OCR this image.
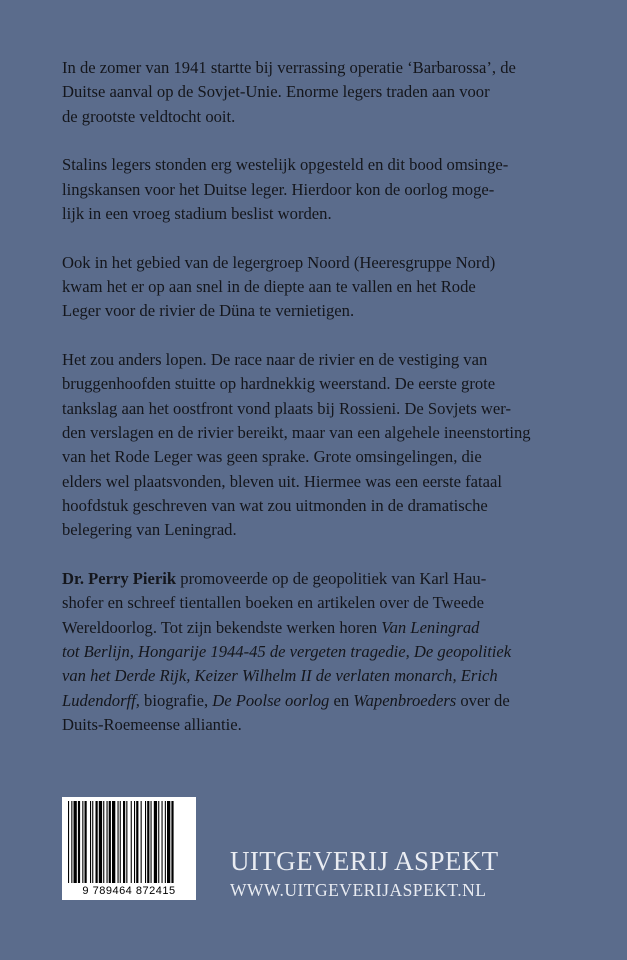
In de zomer van 1941 startte bij verrassing operatie ‘Barbarossa’, de
Duitse aanval op de Sovjet-Unie. Enorme legers traden aan voor
de grootste veldtocht ooit.

Stalins legers stonden erg westelijk opgesteld en dit bood omsinge-
lingskansen voor het Duitse leger. Hierdoor kon de oorlog moge-
lijk in een vroeg stadium beslist worden.

Ook in het gebied van de legergroep Noord (Heeresgruppe Nord)
kwam het er op aan snel in de diepte aan te vallen en het Rode
Leger voor de rivier de Düna te vernietigen.

Het zou anders lopen. De race naar de rivier en de vestiging van
bruggenhoofden stuitte op hardnekkig weerstand. De eerste grote
tankslag aan het oostfront vond plaats bij Rossieni. De Sovjets wer-
den verslagen en de rivier bereikt, maar van een algehele ineenstorting
van het Rode Leger was geen sprake. Grote omsingelingen, die
elders wel plaatsvonden, bleven uit. Hiermee was een eerste fataal
hoofdstuk geschreven van wat zou uitmonden in de dramatische
belegering van Leningrad.

Dr. Perry Pierik promoveerde op de geopolitiek van Karl Hau-
shofer en schreef tientallen boeken en artikelen over de Tweede
Wereldoorlog. Tot zijn bekendste werken horen Van Leningrad
tot Berlijn, Hongarije 1944-45 de vergeten tragedie, De geopolitiek
van het Derde Rijk, Keizer Wilhelm II de verlaten monarch, Erich
Ludendorff, biografie, De Poolse oorlog en Wapenbroeders over de
Duits-Roemeense alliantie.

9 789464 872415
UITGEVERIJ ASPEKT
WWW.UITGEVERIJASPEKT.NL
